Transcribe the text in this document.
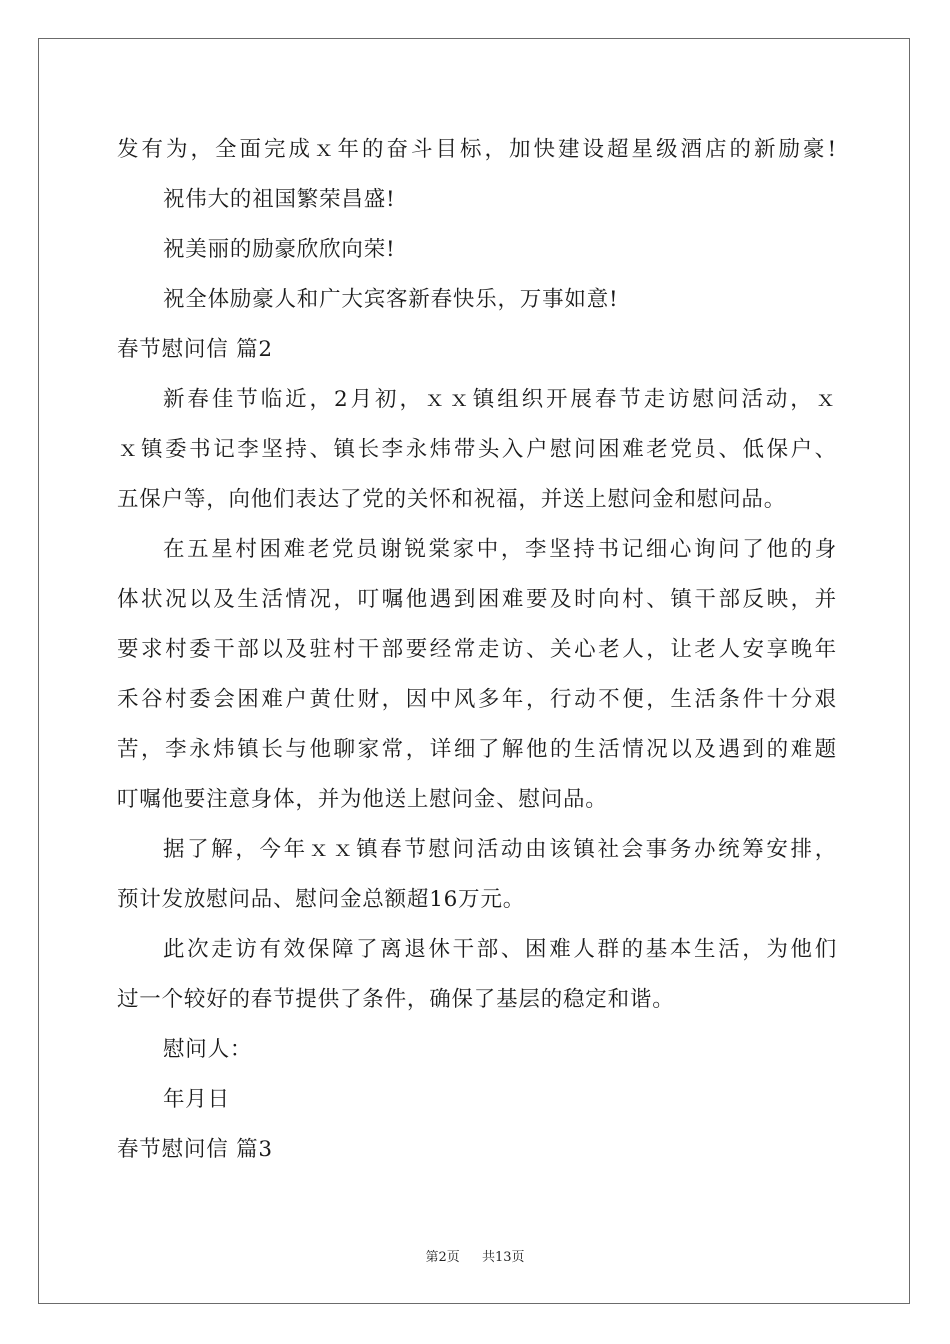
发有为，全面完成ｘ年的奋斗目标，加快建设超星级酒店的新励豪!
祝伟大的祖国繁荣昌盛!
祝美丽的励豪欣欣向荣!
祝全体励豪人和广大宾客新春快乐，万事如意!
春节慰问信 篇2
新春佳节临近，2月初，ｘｘ镇组织开展春节走访慰问活动，ｘ
ｘ镇委书记李坚持、镇长李永炜带头入户慰问困难老党员、低保户、
五保户等，向他们表达了党的关怀和祝福，并送上慰问金和慰问品。
在五星村困难老党员谢锐棠家中，李坚持书记细心询问了他的身
体状况以及生活情况，叮嘱他遇到困难要及时向村、镇干部反映，并
要求村委干部以及驻村干部要经常走访、关心老人，让老人安享晚年
禾谷村委会困难户黄仕财，因中风多年，行动不便，生活条件十分艰
苦，李永炜镇长与他聊家常，详细了解他的生活情况以及遇到的难题
叮嘱他要注意身体，并为他送上慰问金、慰问品。
据了解，今年ｘｘ镇春节慰问活动由该镇社会事务办统筹安排，
预计发放慰问品、慰问金总额超16万元。
此次走访有效保障了离退休干部、困难人群的基本生活，为他们
过一个较好的春节提供了条件，确保了基层的稳定和谐。
慰问人：
年月日
春节慰问信 篇3
第2页 共13页
